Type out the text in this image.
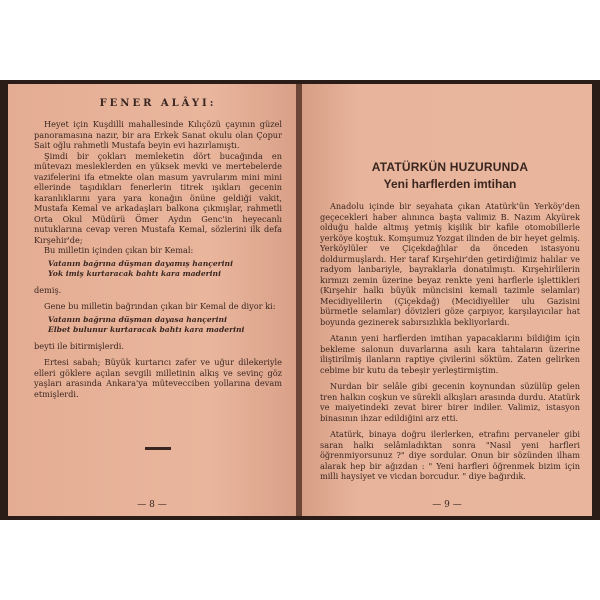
FENER ALÂYI:

Heyet için Kuşdilli mahallesinde Kılıçözü çayının güzel panoramasına nazır, bir ara Erkek Sanat okulu olan Çopur Sait oğlu rahmetli Mustafa beyin evi hazırlamıştı.

Şimdi bir çokları memleketin dört bucağında en mütevazı mesleklerden en yüksek mevki ve mertebelerde vazifelerini ifa etmekte olan masum yavrularım mini mini ellerinde taşıdıkları fenerlerin titrek ışıkları gecenin karanlıklarını yara yara konağın önüne geldiği vakit, Mustafa Kemal ve arkadaşları balkona çıkmışlar, rahmetli Orta Okul Müdürü Ömer Aydın Genc'in heyecanlı nutuklarına cevap veren Mustafa Kemal, sözlerini ilk defa Kırşehir'de;

Bu milletin içinden çıkan bir Kemal:

Vatanın bağrına düşman dayamış hançerini
Yok imiş kurtaracak bahtı kara maderini

demiş.

Gene bu milletin bağrından çıkan bir Kemal de diyor ki:

Vatanın bağrına düşman dayasa hançerini
Elbet bulunur kurtaracak bahtı kara maderini

beyti ile bitirmişlerdi.

Ertesi sabah; Büyük kurtarıcı zafer ve uğur dilekeriyle elleri göklere açılan sevgili milletinin alkış ve sevinç göz yaşları arasında Ankara'ya mütevecciben yollarına devam etmişlerdi.

— 8 —
ATATÜRKÜN HUZURUNDA
Yeni harflerden imtihan

Anadolu içinde bir seyahata çıkan Atatürk'ün Yerköy'den geçecekleri haber alınınca başta valimiz B. Nazım Akyürek olduğu halde altmış yetmiş kişilik bir kafile otomobillerle yerköye koştuk. Komşumuz Yozgat ilinden de bir heyet gelmiş. Yerköylüler ve Çiçekdağlılar da önceden istasyonu doldurmuşlardı. Her taraf Kırşehir'den getirdiğimiz halılar ve radyom lanbariyle, bayraklarla donatılmıştı. Kırşehirlilerin kırmızı zemin üzerine beyaz renkte yeni harflerle işlettikleri (Kırşehir halkı büyük müncisini kemali tazimle selamlar) Mecidiyelilerin (Çiçekdağ) (Mecidiyeliler ulu Gazisini bürmetle selamlar) dövizleri göze çarpıyor, karşılayıcılar hat boyunda gezinerek sabırsızlıkla bekliyorlardı.

Atanın yeni harflerden imtihan yapacaklarını bildiğim için bekleme salonun duvarlarına asılı kara tahtaların üzerine iliştirilmiş ilanların raptiye çivilerini söktüm. Zaten gelirken cebime bir kutu da tebeşir yerleştirmiştim.

Nurdan bir selâle gibi gecenin koynundan süzülüp gelen tren halkın coşkun ve sürekli alkışları arasında durdu. Atatürk ve maiyetindeki zevat birer birer indiler. Valimiz, istasyon binasının ihzar edildiğini arz etti.

Atatürk, binaya doğru ilerlerken, etrafını pervaneler gibi saran halkı selâmladıktan sonra "Nasıl yeni harfleri öğrenmiyorsunuz ?" diye sordular. Onun bir sözünden ilham alarak hep bir ağızdan : " Yeni harfleri öğrenmek bizim için milli haysiyet ve vicdan borcudur. " diye bağırdık.

— 9 —
